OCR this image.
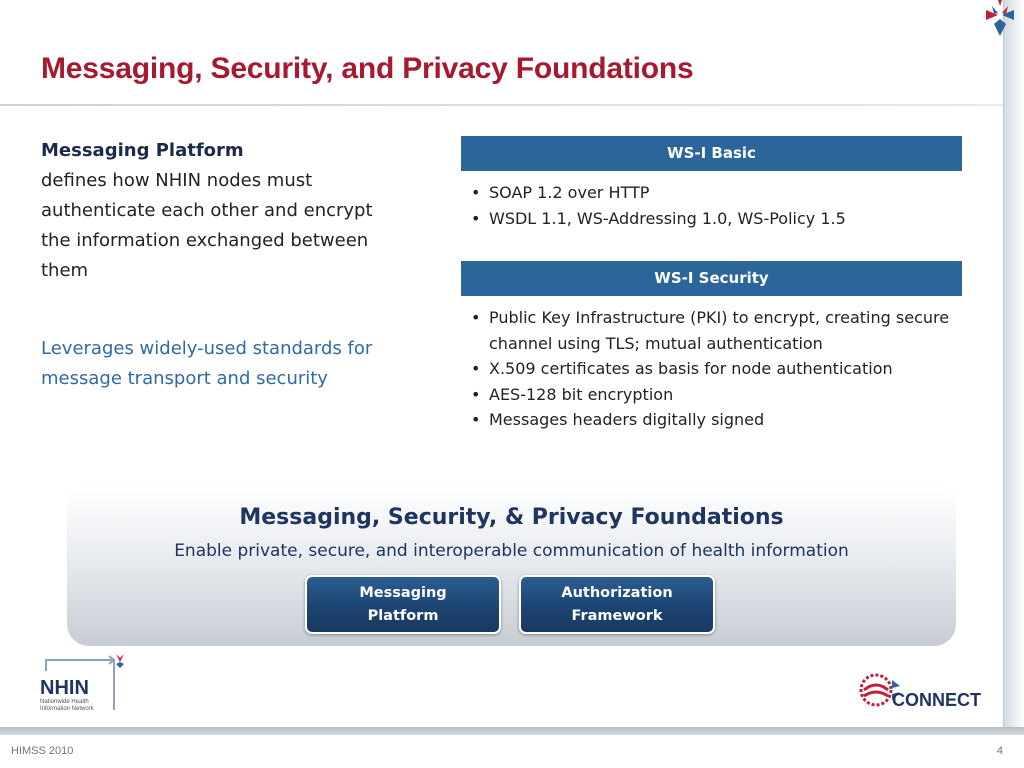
Messaging, Security, and Privacy Foundations
Messaging Platform
defines how NHIN nodes must authenticate each other and encrypt the information exchanged between them
Leverages widely-used standards for message transport and security
WS-I Basic
• SOAP 1.2 over HTTP
• WSDL 1.1, WS-Addressing 1.0, WS-Policy 1.5
WS-I Security
• Public Key Infrastructure (PKI) to encrypt, creating secure channel using TLS; mutual authentication
• X.509 certificates as basis for node authentication
• AES-128 bit encryption
• Messages headers digitally signed
Messaging, Security, & Privacy Foundations
Enable private, secure, and interoperable communication of health information
Messaging Platform
Authorization Framework
NHIN
Nationwide Health
Information Network	CONNECT
HIMSS 2010	4
